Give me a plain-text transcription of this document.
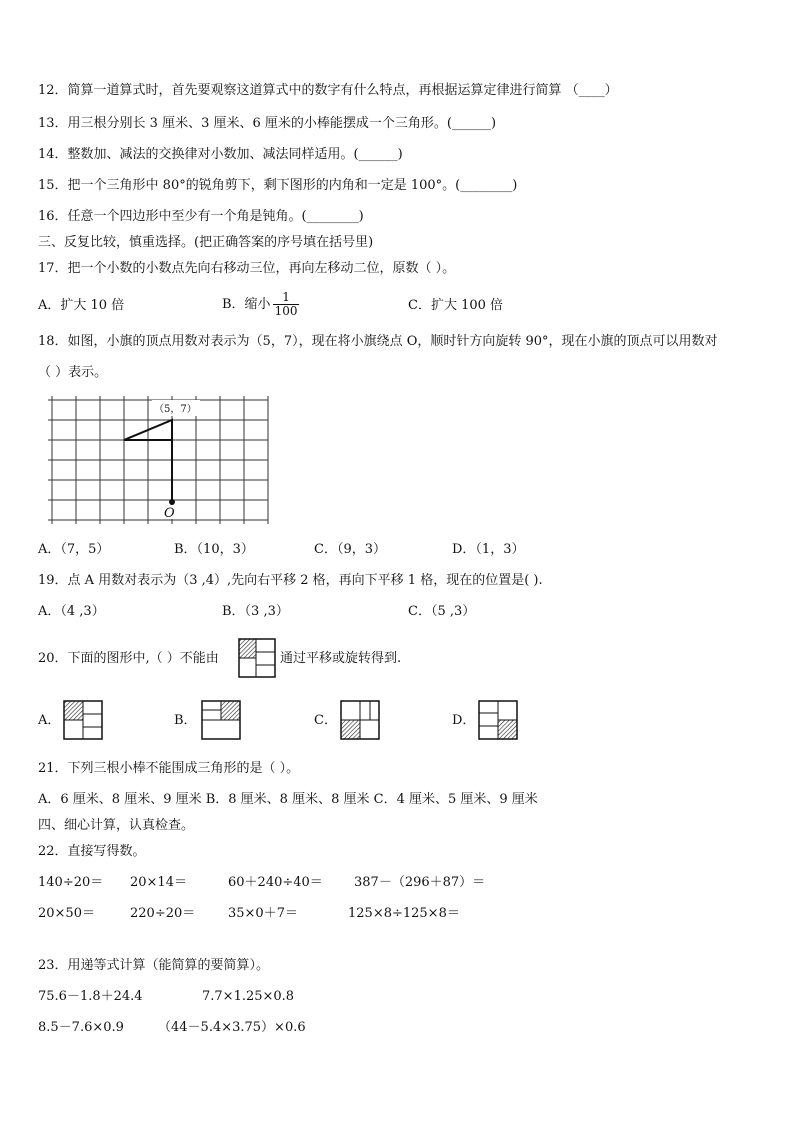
12．简算一道算式时，首先要观察这道算式中的数字有什么特点，再根据运算定律进行简算 （____）
13．用三根分别长 3 厘米、3 厘米、6 厘米的小棒能摆成一个三角形。(______)
14．整数加、减法的交换律对小数加、减法同样适用。(______)
15．把一个三角形中 80°的锐角剪下，剩下图形的内角和一定是 100°。(________)
16．任意一个四边形中至少有一个角是钝角。(________)
三、反复比较，慎重选择。(把正确答案的序号填在括号里)
17．把一个小数的小数点先向右移动三位，再向左移动二位，原数（ ）。
A．扩大 10 倍	B．缩小 $\frac{1}{100}$	C．扩大 100 倍
18．如图，小旗的顶点用数对表示为（5，7），现在将小旗绕点 O，顺时针方向旋转 90°，现在小旗的顶点可以用数对
（ ）表示。
（5，7）
O
A．（7，5）	B．（10，3）	C．（9，3）	D．（1，3）
19．点 A 用数对表示为（3 ,4）,先向右平移 2 格，再向下平移 1 格，现在的位置是( ).
A．（4 ,3）	B．（3 ,3）	C．（5 ,3）
20．下面的图形中,（ ）不能由	通过平移或旋转得到.
A．	B．	C．	D．
21．下列三根小棒不能围成三角形的是（ ）。
A．6 厘米、8 厘米、9 厘米 B．8 厘米、8 厘米、8 厘米 C．4 厘米、5 厘米、9 厘米
四、细心计算，认真检查。
22．直接写得数。
140÷20＝ 20×14＝	60＋240÷40＝ 387－（296＋87）＝
20×50＝	220÷20＝	35×0＋7＝	125×8÷125×8＝
23．用递等式计算（能简算的要简算）。
75.6－1.8＋24.4	7.7×1.25×0.8
8.5－7.6×0.9	（44－5.4×3.75）×0.6
